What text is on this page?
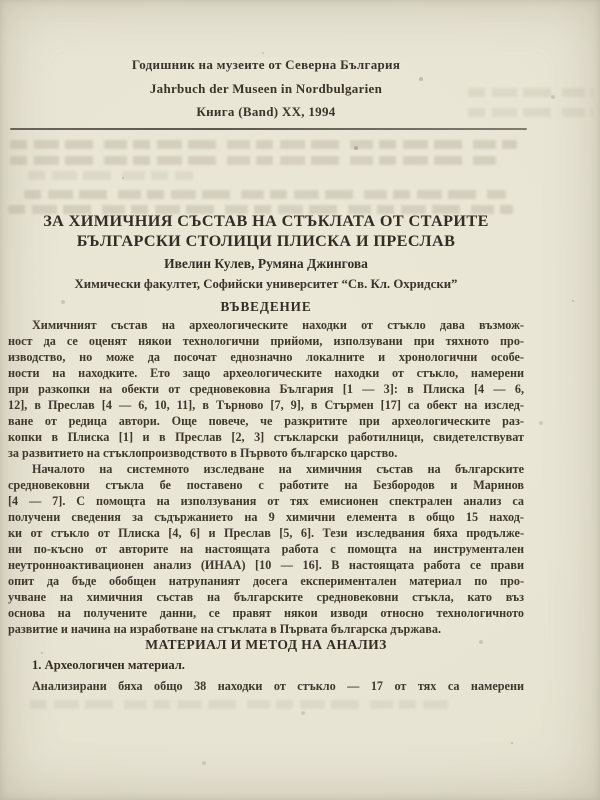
Годишник на музеите от Северна България
Jahrbuch der Museen in Nordbulgarien
Книга (Band) XX, 1994
ЗА ХИМИЧНИЯ СЪСТАВ НА СТЪКЛАТА ОТ СТАРИТЕ
БЪЛГАРСКИ СТОЛИЦИ ПЛИСКА И ПРЕСЛАВ
Ивелин Кулев, Румяна Джингова
Химически факултет, Софийски университет “Св. Кл. Охридски”
ВЪВЕДЕНИЕ
Химичният състав на археологическите находки от стъкло дава възмож-
ност да се оценят някои технологични прийоми, използувани при тяхното про-
изводство, но може да посочат еднозначно локалните и хронологични особе-
ности на находките. Ето защо археологическите находки от стъкло, намерени
при разкопки на обекти от средновековна България [1 — 3]: в Плиска [4 — 6,
12], в Преслав [4 — 6, 10, 11], в Търново [7, 9], в Стърмен [17] са обект на изслед-
ване от редица автори. Още повече, че разкритите при археологическите раз-
копки в Плиска [1] и в Преслав [2, 3] стъкларски работилници, свидетелствуват
за развитието на стъклопроизводството в Първото българско царство.
Началото на системното изследване на химичния състав на българските
средновековни стъкла бе поставено с работите на Безбородов и Маринов
[4 — 7]. С помощта на използувания от тях емисионен спектрален анализ са
получени сведения за съдържанието на 9 химични елемента в общо 15 наход-
ки от стъкло от Плиска [4, 6] и Преслав [5, 6]. Тези изследвания бяха продълже-
ни по-късно от авторите на настоящата работа с помощта на инструментален
неутронноактивационен анализ (ИНАА) [10 — 16]. В настоящата работа се прави
опит да бъде обобщен натрупаният досега експериментален материал по про-
учване на химичния състав на българските средновековни стъкла, като въз
основа на получените данни, се правят някои изводи относно технологичното
развитие и начина на изработване на стъклата в Първата българска държава.
МАТЕРИАЛ И МЕТОД НА АНАЛИЗ
1. Археологичен материал.
Анализирани бяха общо 38 находки от стъкло — 17 от тях са намерени
